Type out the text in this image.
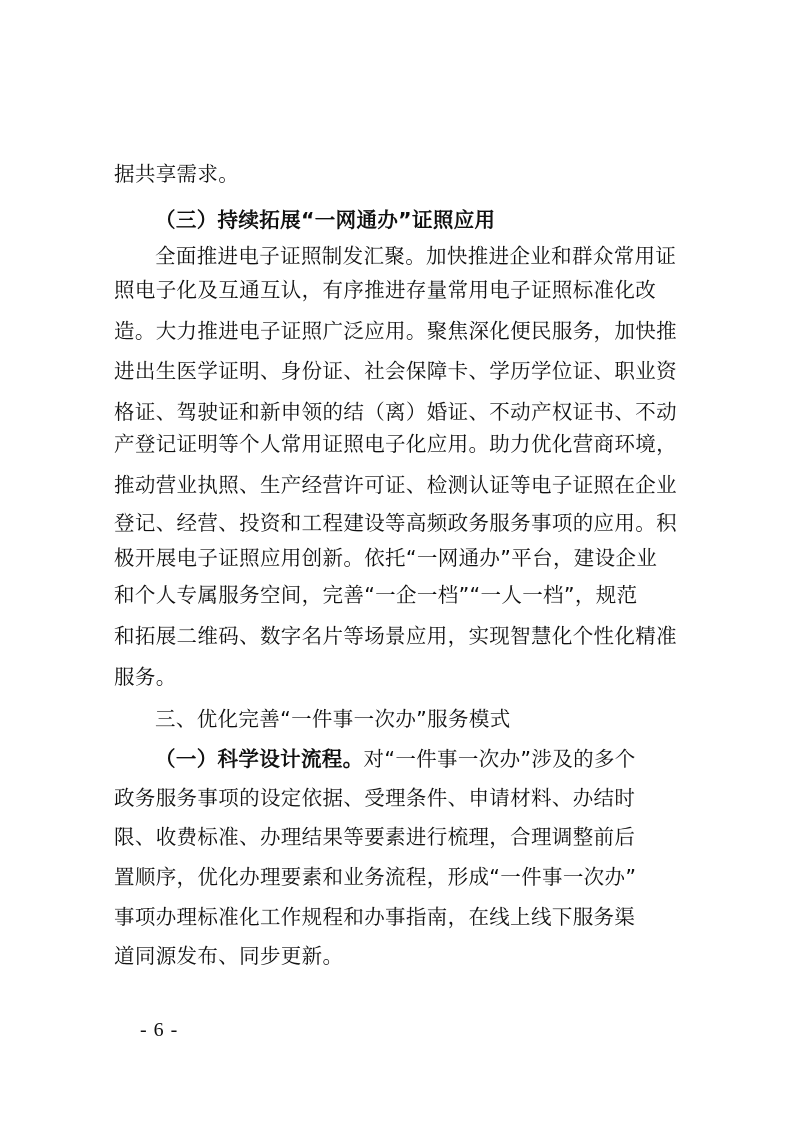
据共享需求。
（三）持续拓展“一网通办”证照应用
全面推进电子证照制发汇聚。加快推进企业和群众常用证
照电子化及互通互认，有序推进存量常用电子证照标准化改
造。大力推进电子证照广泛应用。聚焦深化便民服务，加快推
进出生医学证明、身份证、社会保障卡、学历学位证、职业资
格证、驾驶证和新申领的结（离）婚证、不动产权证书、不动
产登记证明等个人常用证照电子化应用。助力优化营商环境，
推动营业执照、生产经营许可证、检测认证等电子证照在企业
登记、经营、投资和工程建设等高频政务服务事项的应用。积
极开展电子证照应用创新。依托“一网通办”平台，建设企业
和个人专属服务空间，完善“一企一档”“一人一档”，规范
和拓展二维码、数字名片等场景应用，实现智慧化个性化精准
服务。
三、优化完善“一件事一次办”服务模式
（一）科学设计流程。对“一件事一次办”涉及的多个
政务服务事项的设定依据、受理条件、申请材料、办结时
限、收费标准、办理结果等要素进行梳理，合理调整前后
置顺序，优化办理要素和业务流程，形成“一件事一次办”
事项办理标准化工作规程和办事指南，在线上线下服务渠
道同源发布、同步更新。
- 6 -
